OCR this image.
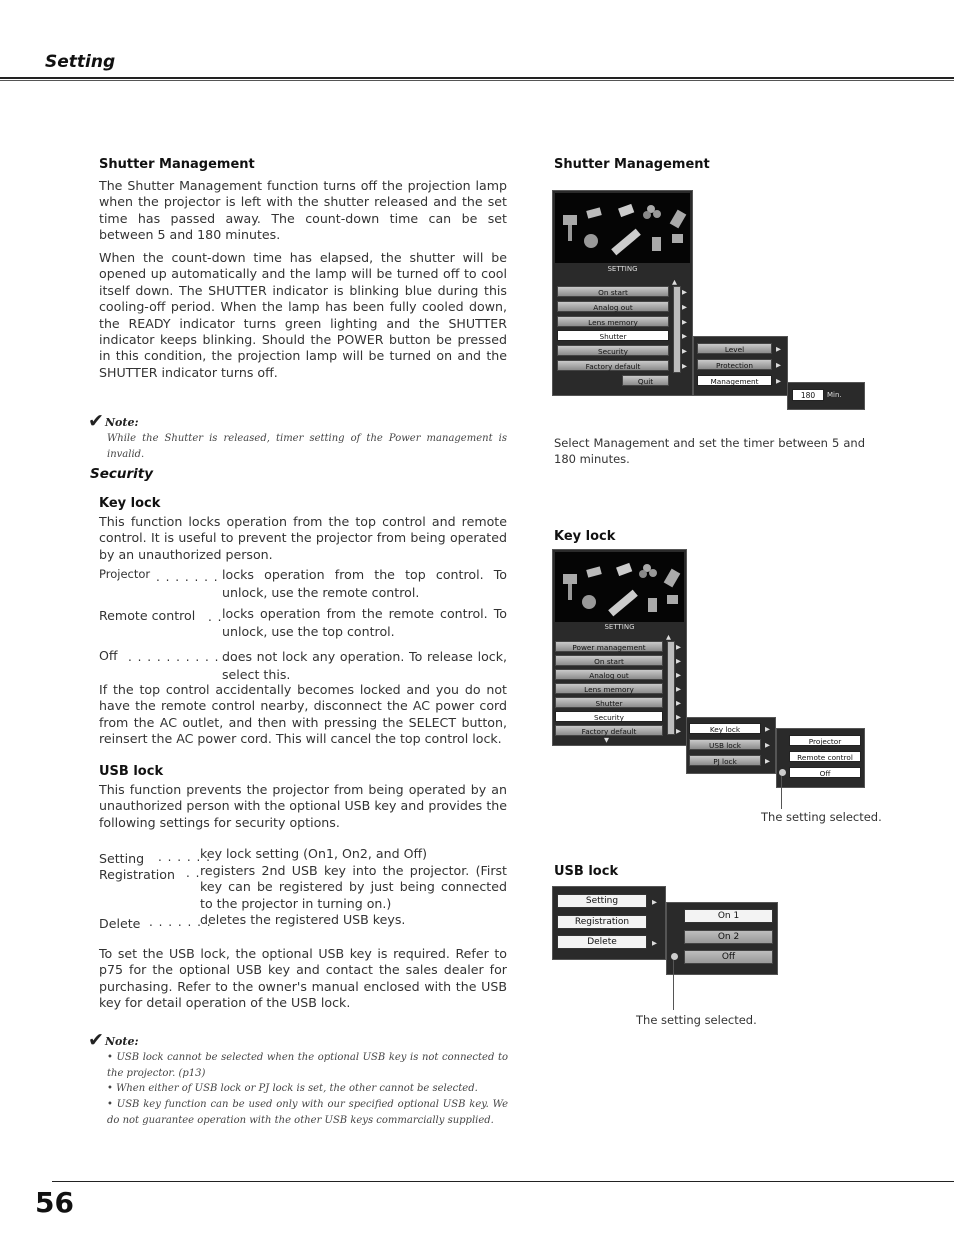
Setting
Shutter Management
The Shutter Management function turns off the projection lamp when the projector is left with the shutter released and the set time has passed away. The count-down time can be set between 5 and 180 minutes.
When the count-down time has elapsed, the shutter will be opened up automatically and the lamp will be turned off to cool itself down. The SHUTTER indicator is blinking blue during this cooling-off period. When the lamp has been fully cooled down, the READY indicator turns green lighting and the SHUTTER indicator keeps blinking. Should the POWER button be pressed in this condition, the projection lamp will be turned on and the SHUTTER indicator turns off.
✔ Note:
While the Shutter is released, timer setting of the Power management is invalid.
Security
Key lock
This function locks operation from the top control and remote control. It is useful to prevent the projector from being operated by an unauthorized person.
Projector . . . . . . . locks operation from the top control. To unlock, use the remote control.
Remote control . . locks operation from the remote control. To unlock, use the top control.
Off . . . . . . . . . . . .
does not lock any operation. To release lock, select this.
If the top control accidentally becomes locked and you do not have the remote control nearby, disconnect the AC power cord from the AC outlet, and then with pressing the SELECT button, reinsert the AC power cord. This will cancel the top control lock.
USB lock
This function prevents the projector from being operated by an unauthorized person with the optional USB key and provides the following settings for security options.
Setting . . . . . .
key lock setting (On1, On2, and Off)
Registration . . registers 2nd USB key into the projector. (First key can be registered by just being connected to the projector in turning on.)
Delete . . . . . . .
deletes the registered USB keys.
To set the USB lock, the optional USB key is required. Refer to p75 for the optional USB key and contact the sales dealer for purchasing. Refer to the owner's manual enclosed with the USB key for detail operation of the USB lock.
✔ Note:
• USB lock cannot be selected when the optional USB key is not connected to the projector. (p13)
• When either of USB lock or PJ lock is set, the other cannot be selected.
• USB key function can be used only with our specified optional USB key. We do not guarantee operation with the other USB keys commarcially supplied.
Shutter Management
SETTING
On start
Analog out
Lens memory
Shutter
Security
Factory default
Quit
▲
▶
▶
▶
▶
▶
▶
Level
Protection
Management
▶
▶
▶
180	Min.
Select Management and set the timer between 5 and 180 minutes.
Key lock
SETTING
Power management
On start
Analog out
Lens memory
Shutter
Security
Factory default
▲
▼
▶
▶
▶
▶
▶
▶
▶	Key lock
USB lock
PJ lock
▶
▶
▶
Projector
Remote control
Off
The setting selected.
USB lock
Setting
Registration
Delete
▶
▶
On 1
On 2
Off
The setting selected.
56
